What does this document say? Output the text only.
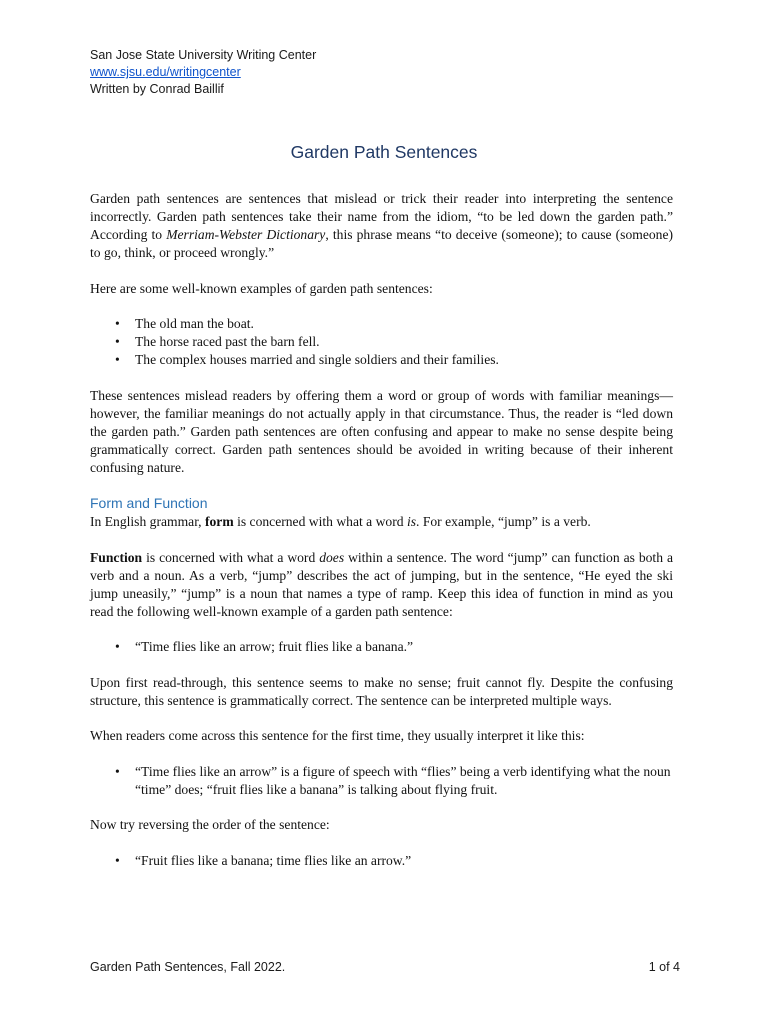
San Jose State University Writing Center
www.sjsu.edu/writingcenter
Written by Conrad Baillif
Garden Path Sentences

Garden path sentences are sentences that mislead or trick their reader into interpreting the sentence incorrectly. Garden path sentences take their name from the idiom, “to be led down the garden path.” According to Merriam-Webster Dictionary, this phrase means “to deceive (someone); to cause (someone) to go, think, or proceed wrongly.”

Here are some well-known examples of garden path sentences:

• The old man the boat.
• The horse raced past the barn fell.
• The complex houses married and single soldiers and their families.

These sentences mislead readers by offering them a word or group of words with familiar meanings—however, the familiar meanings do not actually apply in that circumstance. Thus, the reader is “led down the garden path.” Garden path sentences are often confusing and appear to make no sense despite being grammatically correct. Garden path sentences should be avoided in writing because of their inherent confusing nature.

Form and Function

In English grammar, form is concerned with what a word is. For example, “jump” is a verb.

Function is concerned with what a word does within a sentence. The word “jump” can function as both a verb and a noun. As a verb, “jump” describes the act of jumping, but in the sentence, “He eyed the ski jump uneasily,” “jump” is a noun that names a type of ramp. Keep this idea of function in mind as you read the following well-known example of a garden path sentence:

• “Time flies like an arrow; fruit flies like a banana.”

Upon first read-through, this sentence seems to make no sense; fruit cannot fly. Despite the confusing structure, this sentence is grammatically correct. The sentence can be interpreted multiple ways.

When readers come across this sentence for the first time, they usually interpret it like this:

• “Time flies like an arrow” is a figure of speech with “flies” being a verb identifying what the noun “time” does; “fruit flies like a banana” is talking about flying fruit.

Now try reversing the order of the sentence:

• “Fruit flies like a banana; time flies like an arrow.”
Garden Path Sentences, Fall 2022.	1 of 4
